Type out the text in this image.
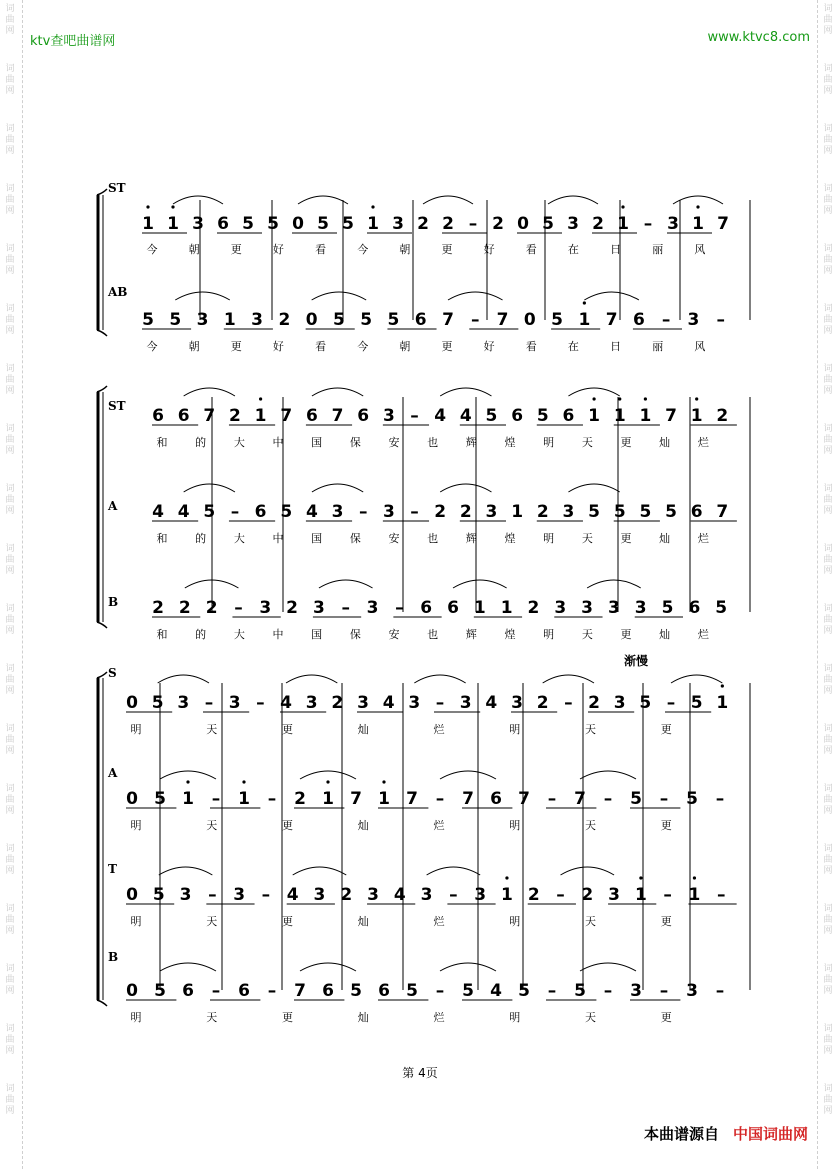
词
曲
网
词
曲
网
词
曲
网
词
曲
网
词
曲
网
词
曲
网
词
曲
网
词
曲
网
词
曲
网
词
曲
网
词
曲
网
词
曲
网
词
曲
网
词
曲
网
词
曲
网
词
曲
网
词
曲
网
词
曲
网
词
曲
网
词
曲
网
词
曲
网
词
曲
网
词
曲
网
词
曲
网
词
曲
网
词
曲
网
词
曲
网
词
曲
网
词
曲
网
词
曲
网
词
曲
网
词
曲
网
词
曲
网
词
曲
网
词
曲
网
词
曲
网
词
曲
网
词
曲
网
ktv查吧曲谱网	www.ktvc8.com
ST
1 1 3 6 5 5 0 5 5 1 3 2 2 – 2 0 5 3 2 1 – 3 1 7
今	朝	更	好	看	今	朝	更	好	看	在	日	丽	风
AB
5 5 3 1 3 2 0 5 5 5 6 7 – 7 0 5 1 7 6 – 3 –
今	朝	更	好	看	今	朝	更	好	看	在	日	丽	风
ST 6 6 7 2 1 7 6 7 6 3 – 4 4 5 6 5 6 1 1 1 7 1 2
和	的	大	中	国	保	安	也	辉	煌	明	天	更	灿	烂
A 4 4 5 – 6 5 4 3 – 3 – 2 2 3 1 2 3 5 5 5 5 6 7
和	的	大	中	国	保	安	也	辉	煌	明	天	更	灿	烂
B 2 2 2 – 3 2 3 – 3 – 6 6 1 1 2 3 3 3 3 5 6 5
和	的	大	中	国	保	安	也	辉	煌	明	天	更	灿	烂
S
0 5 3 – 3 – 4 3 2 3 4 3 – 3 4 3 2 – 2 3 5 – 5 1
明	天	更	灿	烂	明	天	更
A
0 5 1 – 1 – 2 1 7 1 7 – 7 6 7 – 7 – 5 – 5 –
明	天	更	灿	烂	明	天	更
T
0 5 3 – 3 – 4 3 2 3 4 3 – 3 1 2 – 2 3 1 – 1 –
明	天	更	灿	烂	明	天	更
B
0 5 6 – 6 – 7 6 5 6 5 – 5 4 5 – 5 – 3 – 3 –
明	天	更	灿	烂	明	天	更
渐慢
第 4页
本曲谱源自 中国词曲网
